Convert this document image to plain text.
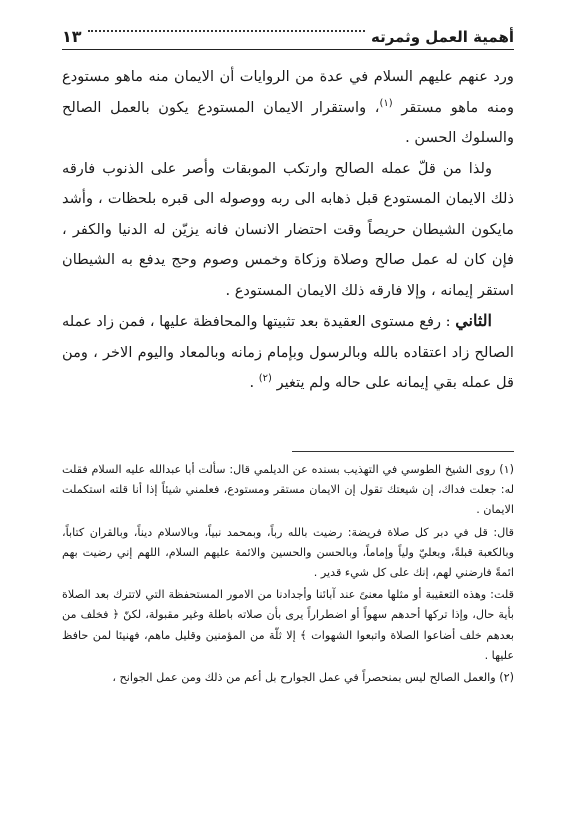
أهمية العمل وثمرته
١٣

ورد عنهم عليهم السلام في عدة من الروايات أن الايمان منه ماهو مستودع ومنه ماهو مستقر $^{(١)}$، واستقرار الايمان المستودع يكون بالعمل الصالح والسلوك الحسن .

ولذا من قلّ عمله الصالح وارتكب الموبقات وأصر على الذنوب فارقه ذلك الايمان المستودع قبل ذهابه الى ربه ووصوله الى قبره بلحظات ، وأشد مايكون الشيطان حريصاً وقت احتضار الانسان فانه يزيّن له الدنيا والكفر ، فإن كان له عمل صالح وصلاة وزكاة وخمس وصوم وحج يدفع به الشيطان استقر إيمانه ، وإلا فارقه ذلك الايمان المستودع .

الثاني : رفع مستوى العقيدة بعد تثبيتها والمحافظة عليها ، فمن زاد عمله الصالح زاد اعتقاده بالله وبالرسول وبإمام زمانه وبالمعاد واليوم الاخر ، ومن قل عمله بقي إيمانه على حاله ولم يتغير $^{(٢)}$ .

(١) روى الشيخ الطوسي في التهذيب بسنده عن الديلمي قال: سألت أبا عبدالله عليه السلام فقلت له: جعلت فداك، إن شيعتك تقول إن الايمان مستقر ومستودع، فعلمني شيئاً إذا أنا قلته استكملت الايمان .

قال: قل في دبر كل صلاة فريضة: رضيت بالله رباً، وبمحمد نبياً، وبالاسلام ديناً، وبالقران كتاباً، وبالكعبة قبلةً، وبعليّ ولياً وإماماً، وبالحسن والحسين والائمة عليهم السلام، اللهم إني رضيت بهم ائمةً فارضني لهم، إنك على كل شيء قدير .

قلت: وهذه التعقيبة أو مثلها معنىً عند آبائنا وأجدادنا من الامور المستحفظة التي لاتترك بعد الصلاة بأية حال، وإذا تركها أحدهم سهواً أو اضطراراً يرى بأن صلاته باطلة وغير مقبولة، لكنّ ﴿ فخلف من بعدهم خلف أضاعوا الصلاة واتبعوا الشهوات ﴾ إلا ثلّة من المؤمنين وقليل ماهم، فهنيئا لمن حافظ عليها .

(٢) والعمل الصالح ليس بمنحصراً في عمل الجوارح بل أعم من ذلك ومن عمل الجوانح ،
